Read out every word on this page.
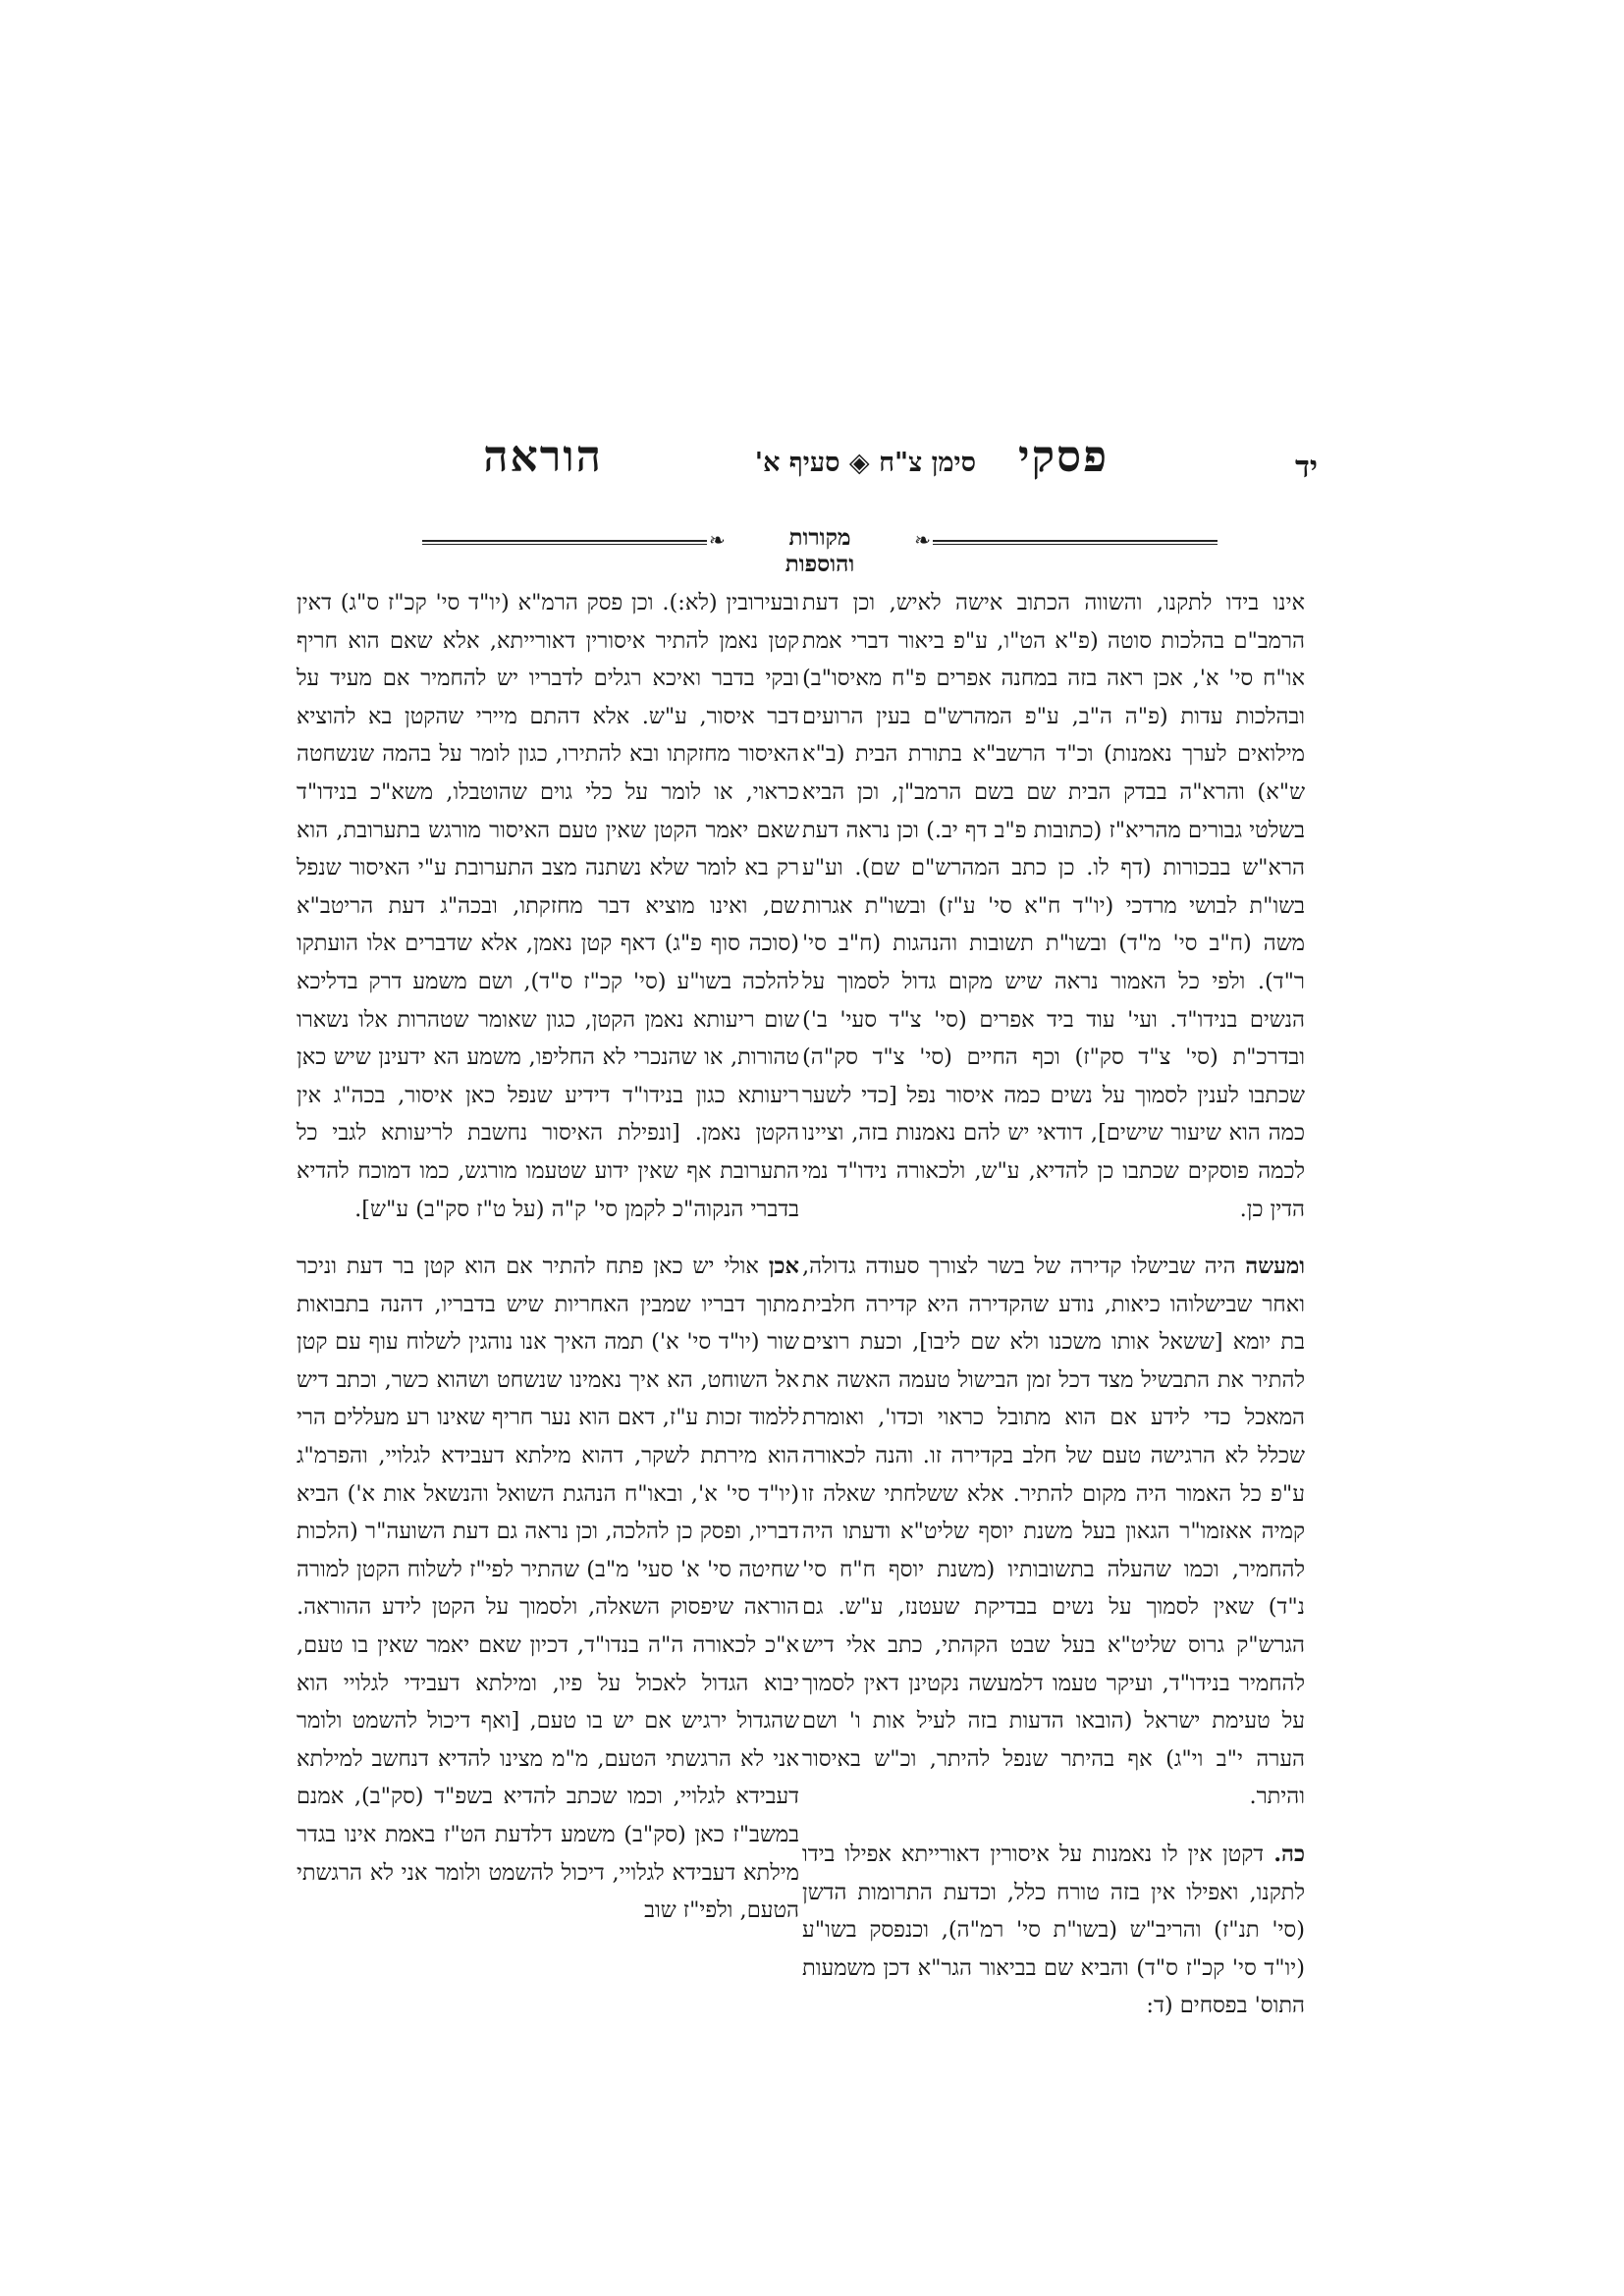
יד
פסקי
סימן צ"ח ◈ סעיף א'
הוראה
❧
מקורות והוספות
❧

אינו בידו לתקנו, והשווה הכתוב אישה לאיש, וכן דעת הרמב"ם בהלכות סוטה (פ"א הט"ו, ע"פ ביאור דברי אמת או"ח סי' א', אכן ראה בזה במחנה אפרים פ"ח מאיסו"ב) ובהלכות עדות (פ"ה ה"ב, ע"פ המהרש"ם בעין הרועים מילואים לערך נאמנות) וכ"ד הרשב"א בתורת הבית (ב"א ש"א) והרא"ה בבדק הבית שם בשם הרמב"ן, וכן הביא בשלטי גבורים מהריא"ז (כתובות פ"ב דף יב.) וכן נראה דעת הרא"ש בבכורות (דף לו. כן כתב המהרש"ם שם). וע"ע בשו"ת לבושי מרדכי (יו"ד ח"א סי' ע"ז) ובשו"ת אגרות משה (ח"ב סי' מ"ד) ובשו"ת תשובות והנהגות (ח"ב סי' ר"ד). ולפי כל האמור נראה שיש מקום גדול לסמוך על הנשים בנידו"ד. ועי' עוד ביד אפרים (סי' צ"ד סעי' ב') ובדרכ"ת (סי' צ"ד סק"ז) וכף החיים (סי' צ"ד סק"ה) שכתבו לענין לסמוך על נשים כמה איסור נפל [כדי לשער כמה הוא שיעור שישים], דודאי יש להם נאמנות בזה, וציינו לכמה פוסקים שכתבו כן להדיא, ע"ש, ולכאורה נידו"ד נמי הדין כן.

ומעשה היה שבישלו קדירה של בשר לצורך סעודה גדולה, ואחר שבישלוהו כיאות, נודע שהקדירה היא קדירה חלבית בת יומא [ששאל אותו משכנו ולא שם ליבו], וכעת רוצים להתיר את התבשיל מצד דכל זמן הבישול טעמה האשה את המאכל כדי לידע אם הוא מתובל כראוי וכדו', ואומרת שכלל לא הרגישה טעם של חלב בקדירה זו. והנה לכאורה ע"פ כל האמור היה מקום להתיר. אלא ששלחתי שאלה זו קמיה אאזמו"ר הגאון בעל משנת יוסף שליט"א ודעתו היה להחמיר, וכמו שהעלה בתשובותיו (משנת יוסף ח"ח סי' נ"ד) שאין לסמוך על נשים בבדיקת שעטנז, ע"ש. גם הגרש"ק גרוס שליט"א בעל שבט הקהתי, כתב אלי דיש להחמיר בנידו"ד, ועיקר טעמו דלמעשה נקטינן דאין לסמוך על טעימת ישראל (הובאו הדעות בזה לעיל אות ו' ושם הערה י"ב וי"ג) אף בהיתר שנפל להיתר, וכ"ש באיסור והיתר.

כה. דקטן אין לו נאמנות על איסורין דאורייתא אפילו בידו לתקנו, ואפילו אין בזה טורח כלל, וכדעת התרומות הדשן (סי' תנ"ז) והריב"ש (בשו"ת סי' רמ"ה), וכנפסק בשו"ע (יו"ד סי' קכ"ז ס"ד) והביא שם בביאור הגר"א דכן משמעות התוס' בפסחים (ד:

ובעירובין (לא:). וכן פסק הרמ"א (יו"ד סי' קכ"ז ס"ג) דאין קטן נאמן להתיר איסורין דאורייתא, אלא שאם הוא חריף ובקי בדבר ואיכא רגלים לדבריו יש להחמיר אם מעיד על דבר איסור, ע"ש. אלא דהתם מיירי שהקטן בא להוציא האיסור מחזקתו ובא להתירו, כגון לומר על בהמה שנשחטה כראוי, או לומר על כלי גוים שהוטבלו, משא"כ בנידו"ד שאם יאמר הקטן שאין טעם האיסור מורגש בתערובת, הוא רק בא לומר שלא נשתנה מצב התערובת ע"י האיסור שנפל שם, ואינו מוציא דבר מחזקתו, ובכה"ג דעת הריטב"א (סוכה סוף פ"ג) דאף קטן נאמן, אלא שדברים אלו הועתקו להלכה בשו"ע (סי' קכ"ז ס"ד), ושם משמע דרק בדליכא שום ריעותא נאמן הקטן, כגון שאומר שטהרות אלו נשארו טהורות, או שהנכרי לא החליפו, משמע הא ידעינן שיש כאן ריעותא כגון בנידו"ד דידיע שנפל כאן איסור, בכה"ג אין הקטן נאמן. [ונפילת האיסור נחשבת לריעותא לגבי כל התערובת אף שאין ידוע שטעמו מורגש, כמו דמוכח להדיא בדברי הנקוה"כ לקמן סי' ק"ה (על ט"ז סק"ב) ע"ש].

אכן אולי יש כאן פתח להתיר אם הוא קטן בר דעת וניכר מתוך דבריו שמבין האחריות שיש בדבריו, דהנה בתבואות שור (יו"ד סי' א') תמה האיך אנו נוהגין לשלוח עוף עם קטן אל השוחט, הא איך נאמינו שנשחט ושהוא כשר, וכתב דיש ללמוד זכות ע"ז, דאם הוא נער חריף שאינו רע מעללים הרי הוא מירתת לשקר, דהוא מילתא דעבידא לגלויי, והפרמ"ג (יו"ד סי' א', ובאו"ח הנהגת השואל והנשאל אות א') הביא דבריו, ופסק כן להלכה, וכן נראה גם דעת השועה"ר (הלכות שחיטה סי' א' סעי' מ"ב) שהתיר לפי"ז לשלוח הקטן למורה הוראה שיפסוק השאלה, ולסמוך על הקטן לידע ההוראה. א"כ לכאורה ה"ה בנדו"ד, דכיון שאם יאמר שאין בו טעם, יבוא הגדול לאכול על פיו, ומילתא דעבידי לגלויי הוא שהגדול ירגיש אם יש בו טעם, [ואף דיכול להשמט ולומר אני לא הרגשתי הטעם, מ"מ מצינו להדיא דנחשב למילתא דעבידא לגלויי, וכמו שכתב להדיא בשפ"ד (סק"ב), אמנם במשב"ז כאן (סק"ב) משמע דלדעת הט"ז באמת אינו בגדר מילתא דעבידא לגלויי, דיכול להשמט ולומר אני לא הרגשתי הטעם, ולפי"ז שוב
